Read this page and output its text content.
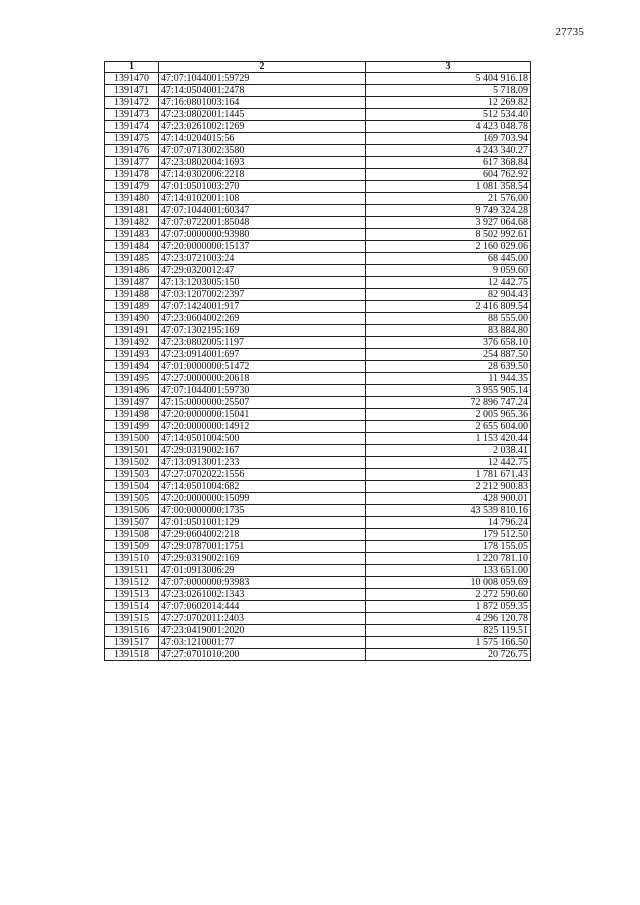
27735
1	2	3
1391470	47:07:1044001:59729	5 404 916.18
1391471	47:14:0504001:2478	5 718.09
1391472	47:16:0801003:164	12 269.82
1391473	47:23:0802001:1445	512 534.40
1391474	47:23:0261002:1269	4 423 048.78
1391475	47:14:0204015:56	169 703.94
1391476	47:07:0713002:3580	4 243 340.27
1391477	47:23:0802004:1693	617 368.84
1391478	47:14:0302006:2218	604 762.92
1391479	47:01:0501003:270	1 081 358.54
1391480	47:14:0102001:108	21 576.00
1391481	47:07:1044001:60347	9 749 324.28
1391482	47:07:0722001:85048	3 927 064.68
1391483	47:07:0000000:93980	8 502 992.61
1391484	47:20:0000000:15137	2 160 029.06
1391485	47:23:0721003:24	68 445.00
1391486	47:29:0320012:47	9 059.60
1391487	47:13:1203005:150	12 442.75
1391488	47:03:1207002:2397	82 904.43
1391489	47:07:1424001:917	2 416 809.54
1391490	47:23:0604002:269	88 555.00
1391491	47:07:1302195:169	83 884.80
1391492	47:23:0802005:1197	376 658.10
1391493	47:23:0914001:697	254 887.50
1391494	47:01:0000000:51472	28 639.50
1391495	47:27:0000000:20618	11 944.35
1391496	47:07:1044001:59730	3 955 905.14
1391497	47:15:0000000:25507	72 896 747.24
1391498	47:20:0000000:15041	2 005 965.36
1391499	47:20:0000000:14912	2 655 604.00
1391500	47:14:0501004:500	1 153 420.44
1391501	47:29:0319002:167	2 038.41
1391502	47:13:0913001:233	12 442.75
1391503	47:27:0702022:1556	1 781 671.43
1391504	47:14:0501004:682	2 212 900.83
1391505	47:20:0000000:15099	428 900.01
1391506	47:00:0000000:1735	43 539 810.16
1391507	47:01:0501001:129	14 796.24
1391508	47:29:0604002:218	179 512.50
1391509	47:29:0787001:1751	178 155.05
1391510	47:29:0319002:169	1 220 781.10
1391511	47:01:0913006:29	133 651.00
1391512	47:07:0000000:93983	10 008 059.69
1391513	47:23:0261002:1343	2 272 590.60
1391514	47:07:0602014:444	1 872 059.35
1391515	47:27:0702011:2403	4 296 120.78
1391516	47:23:0419001:2020	825 119.51
1391517	47:03:1210001:77	1 575 166.50
1391518	47:27:0701010:200	20 726.75
